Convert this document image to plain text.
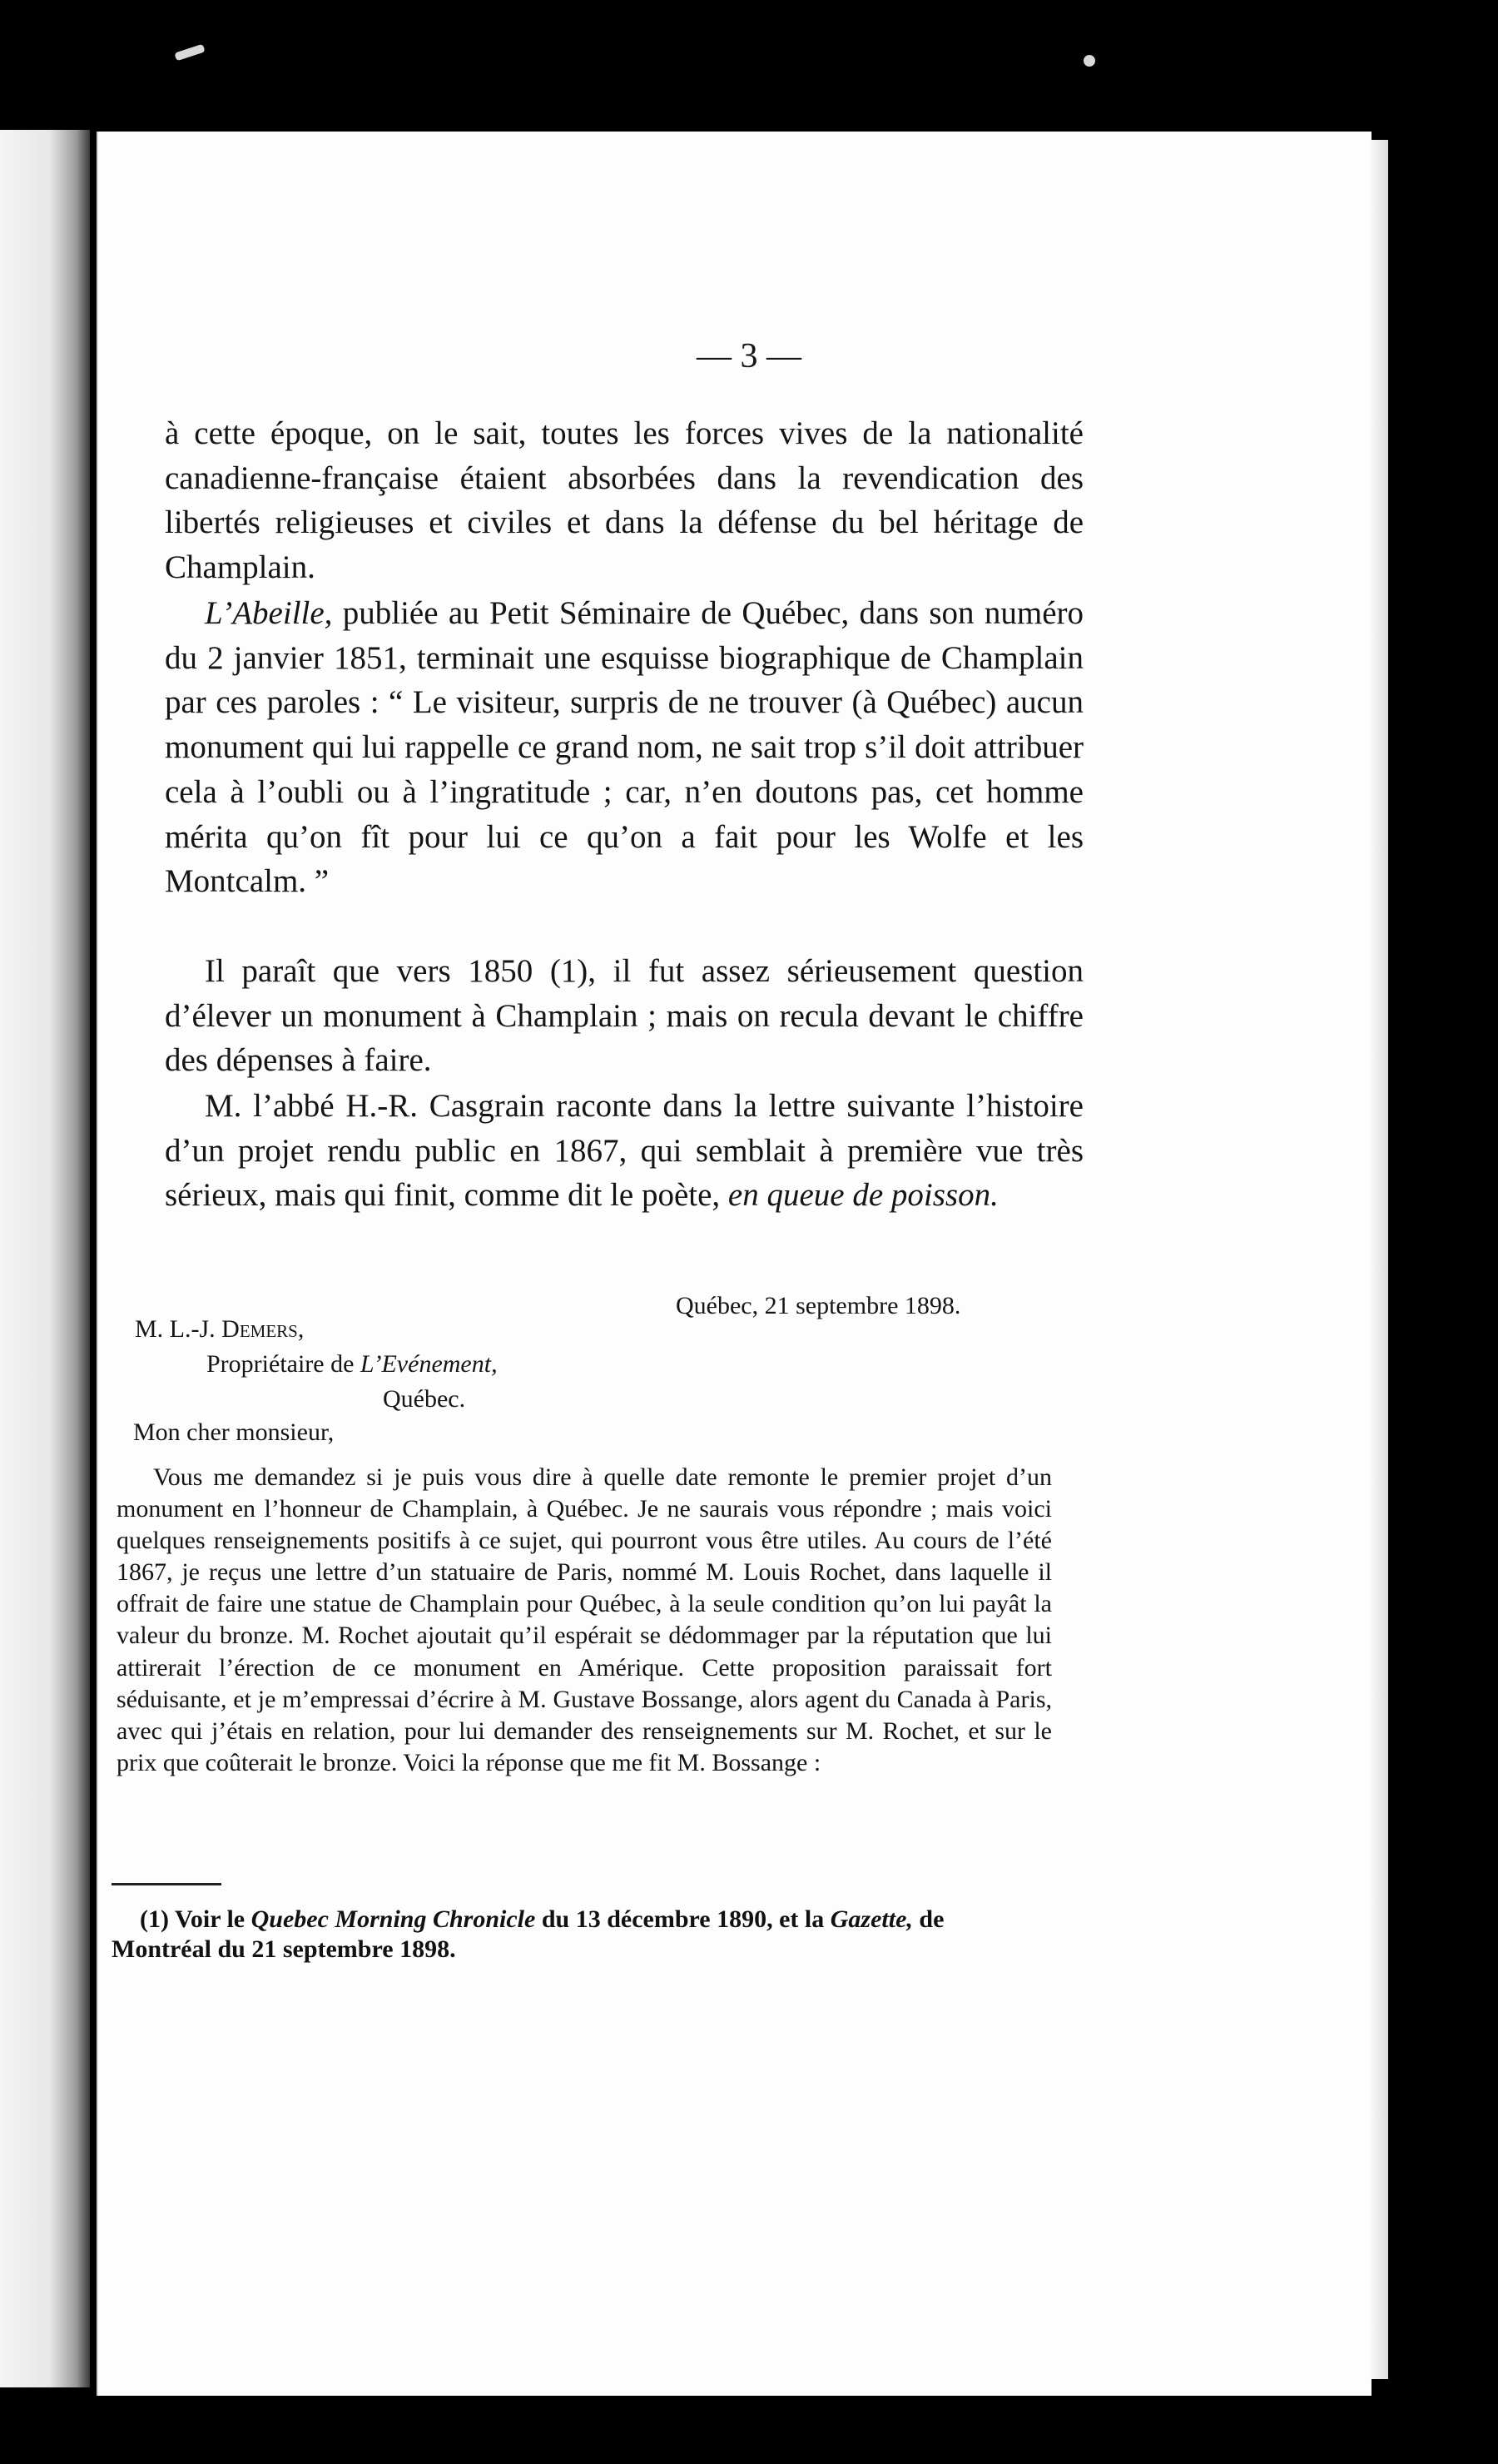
— 3 —

à cette époque, on le sait, toutes les forces vives de la nationalité canadienne-française étaient absorbées dans la revendication des libertés religieuses et civiles et dans la défense du bel héritage de Champlain.

L’Abeille, publiée au Petit Séminaire de Québec, dans son numéro du 2 janvier 1851, terminait une esquisse biographique de Champlain par ces paroles : “ Le visiteur, surpris de ne trouver (à Québec) aucun monument qui lui rappelle ce grand nom, ne sait trop s’il doit attribuer cela à l’oubli ou à l’ingratitude ; car, n’en doutons pas, cet homme mérita qu’on fît pour lui ce qu’on a fait pour les Wolfe et les Montcalm. ”

Il paraît que vers 1850 (1), il fut assez sérieusement question d’élever un monument à Champlain ; mais on recula devant le chiffre des dépenses à faire.

M. l’abbé H.-R. Casgrain raconte dans la lettre suivante l’histoire d’un projet rendu public en 1867, qui semblait à première vue très sérieux, mais qui finit, comme dit le poète, en queue de poisson.

Québec, 21 septembre 1898.
M. L.-J. Demers,
Propriétaire de L’Evénement,
Québec.
Mon cher monsieur,

Vous me demandez si je puis vous dire à quelle date remonte le premier projet d’un monument en l’honneur de Champlain, à Québec. Je ne saurais vous répondre ; mais voici quelques renseignements positifs à ce sujet, qui pourront vous être utiles. Au cours de l’été 1867, je reçus une lettre d’un statuaire de Paris, nommé M. Louis Rochet, dans laquelle il offrait de faire une statue de Champlain pour Québec, à la seule condition qu’on lui payât la valeur du bronze. M. Rochet ajoutait qu’il espérait se dédommager par la réputation que lui attirerait l’érection de ce monument en Amérique. Cette proposition paraissait fort séduisante, et je m’empressai d’écrire à M. Gustave Bossange, alors agent du Canada à Paris, avec qui j’étais en relation, pour lui demander des renseignements sur M. Rochet, et sur le prix que coûterait le bronze. Voici la réponse que me fit M. Bossange :

(1) Voir le Quebec Morning Chronicle du 13 décembre 1890, et la Gazette, de Montréal du 21 septembre 1898.
